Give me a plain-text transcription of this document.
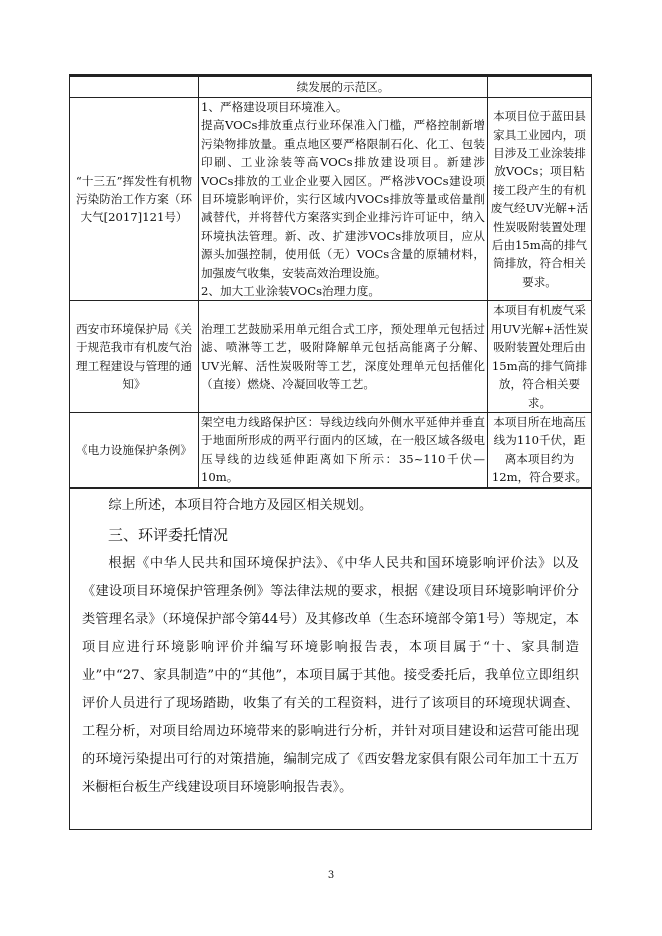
	续发展的示范区。	
“十三五”挥发性有机物污染防治工作方案（环大气[2017]121号）	1、严格建设项目环境准入。
提高VOCs排放重点行业环保准入门槛，严格控制新增污染物排放量。重点地区要严格限制石化、化工、包装印刷、工业涂装等高VOCs排放建设项目。新建涉VOCs排放的工业企业要入园区。严格涉VOCs建设项目环境影响评价，实行区域内VOCs排放等量或倍量削减替代，并将替代方案落实到企业排污许可证中，纳入环境执法管理。新、改、扩建涉VOCs排放项目，应从源头加强控制，使用低（无）VOCs含量的原辅材料，加强废气收集，安装高效治理设施。
2、加大工业涂装VOCs治理力度。	本项目位于蓝田县家具工业园内，项目涉及工业涂装排放VOCs；项目粘接工段产生的有机废气经UV光解+活性炭吸附装置处理后由15m高的排气筒排放，符合相关要求。
西安市环境保护局《关于规范我市有机废气治理工程建设与管理的通知》	治理工艺鼓励采用单元组合式工序，预处理单元包括过滤、喷淋等工艺，吸附降解单元包括高能离子分解、UV光解、活性炭吸附等工艺，深度处理单元包括催化（直接）燃烧、冷凝回收等工艺。	本项目有机废气采用UV光解+活性炭吸附装置处理后由15m高的排气筒排放，符合相关要求。
《电力设施保护条例》	架空电力线路保护区：导线边线向外侧水平延伸并垂直于地面所形成的两平行面内的区域，在一般区域各级电压导线的边线延伸距离如下所示：35~110千伏—10m。	本项目所在地高压线为110千伏，距离本项目约为12m，符合要求。

综上所述，本项目符合地方及园区相关规划。

三、环评委托情况

根据《中华人民共和国环境保护法》、《中华人民共和国环境影响评价法》以及《建设项目环境保护管理条例》等法律法规的要求，根据《建设项目环境影响评价分类管理名录》（环境保护部令第44号）及其修改单（生态环境部令第1号）等规定，本项目应进行环境影响评价并编写环境影响报告表，本项目属于“十、家具制造业”中“27、家具制造”中的“其他”，本项目属于其他。接受委托后，我单位立即组织评价人员进行了现场踏勘，收集了有关的工程资料，进行了该项目的环境现状调查、工程分析，对项目给周边环境带来的影响进行分析，并针对项目建设和运营可能出现的环境污染提出可行的对策措施，编制完成了《西安磐龙家俱有限公司年加工十五万米橱柜台板生产线建设项目环境影响报告表》。

3
